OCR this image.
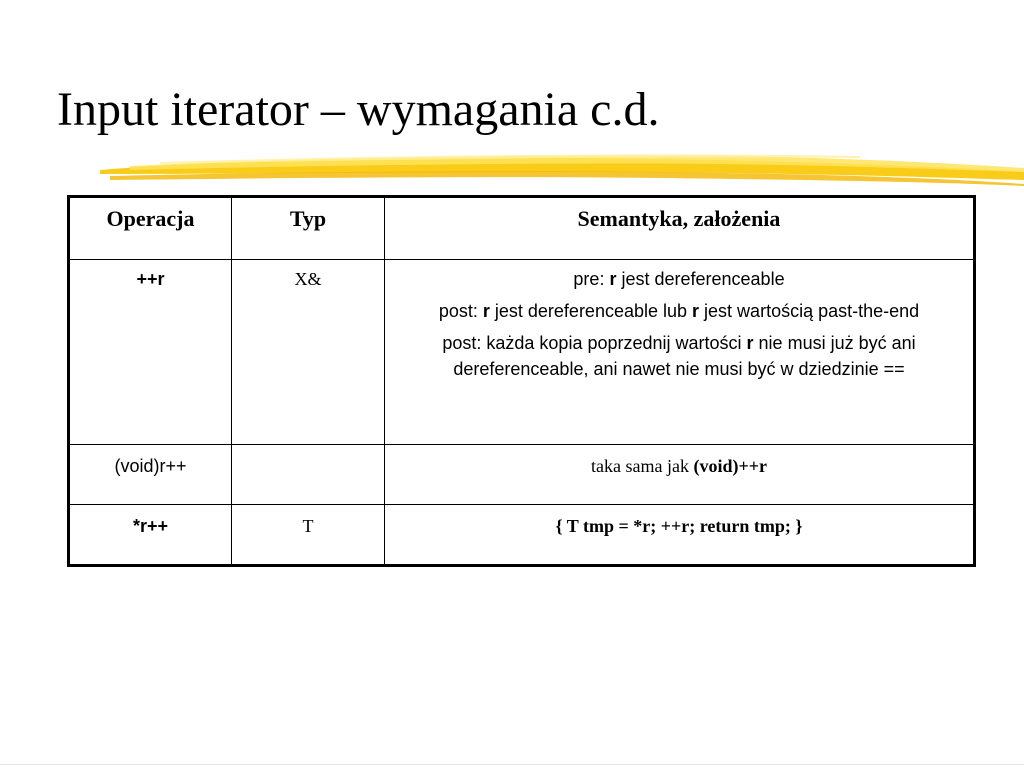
Input iterator – wymagania c.d.
Operacja	Typ	Semantyka, założenia
++r	X&	pre: r jest dereferenceable

post: r jest dereferenceable lub r jest wartością past-the-end

post: każda kopia poprzednij wartości r nie musi już być ani dereferenceable, ani nawet nie musi być w dziedzinie ==

(void)r++		taka sama jak (void)++r
*r++	T	{ T tmp = *r; ++r; return tmp; }
